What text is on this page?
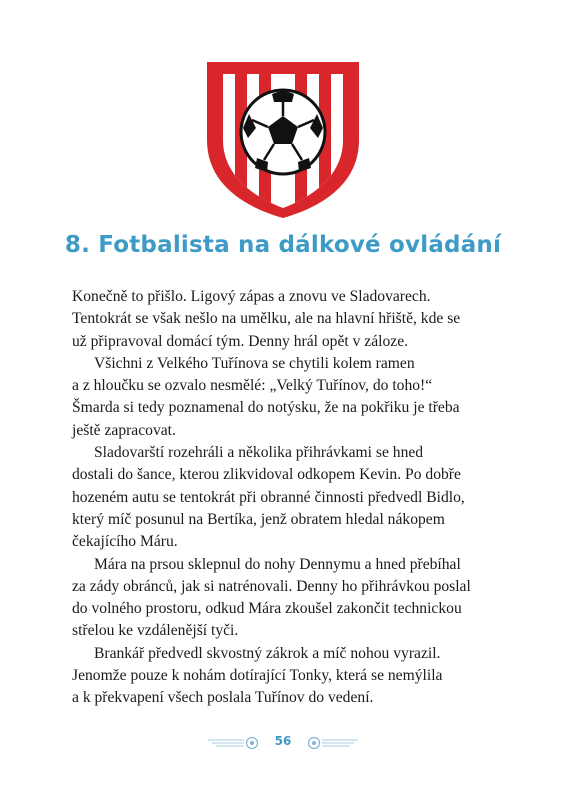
8. Fotbalista na dálkové ovládání
Konečně to přišlo. Ligový zápas a znovu ve Sladovarech.
Tentokrát se však nešlo na umělku, ale na hlavní hřiště, kde se
už připravoval domácí tým. Denny hrál opět v záloze.
Všichni z Velkého Tuřínova se chytili kolem ramen
a z hloučku se ozvalo nesmělé: „Velký Tuřínov, do toho!“
Šmarda si tedy poznamenal do notýsku, že na pokřiku je třeba
ještě zapracovat.
Sladovarští rozehráli a několika přihrávkami se hned
dostali do šance, kterou zlikvidoval odkopem Kevin. Po dobře
hozeném autu se tentokrát při obranné činnosti předvedl Bidlo,
který míč posunul na Bertíka, jenž obratem hledal nákopem
čekajícího Máru.
Mára na prsou sklepnul do nohy Dennymu a hned přebíhal
za zády obránců, jak si natrénovali. Denny ho přihrávkou poslal
do volného prostoru, odkud Mára zkoušel zakončit technickou
střelou ke vzdálenější tyči.
Brankář předvedl skvostný zákrok a míč nohou vyrazil.
Jenomže pouze k nohám dotírající Tonky, která se nemýlila
a k překvapení všech poslala Tuřínov do vedení.
56
